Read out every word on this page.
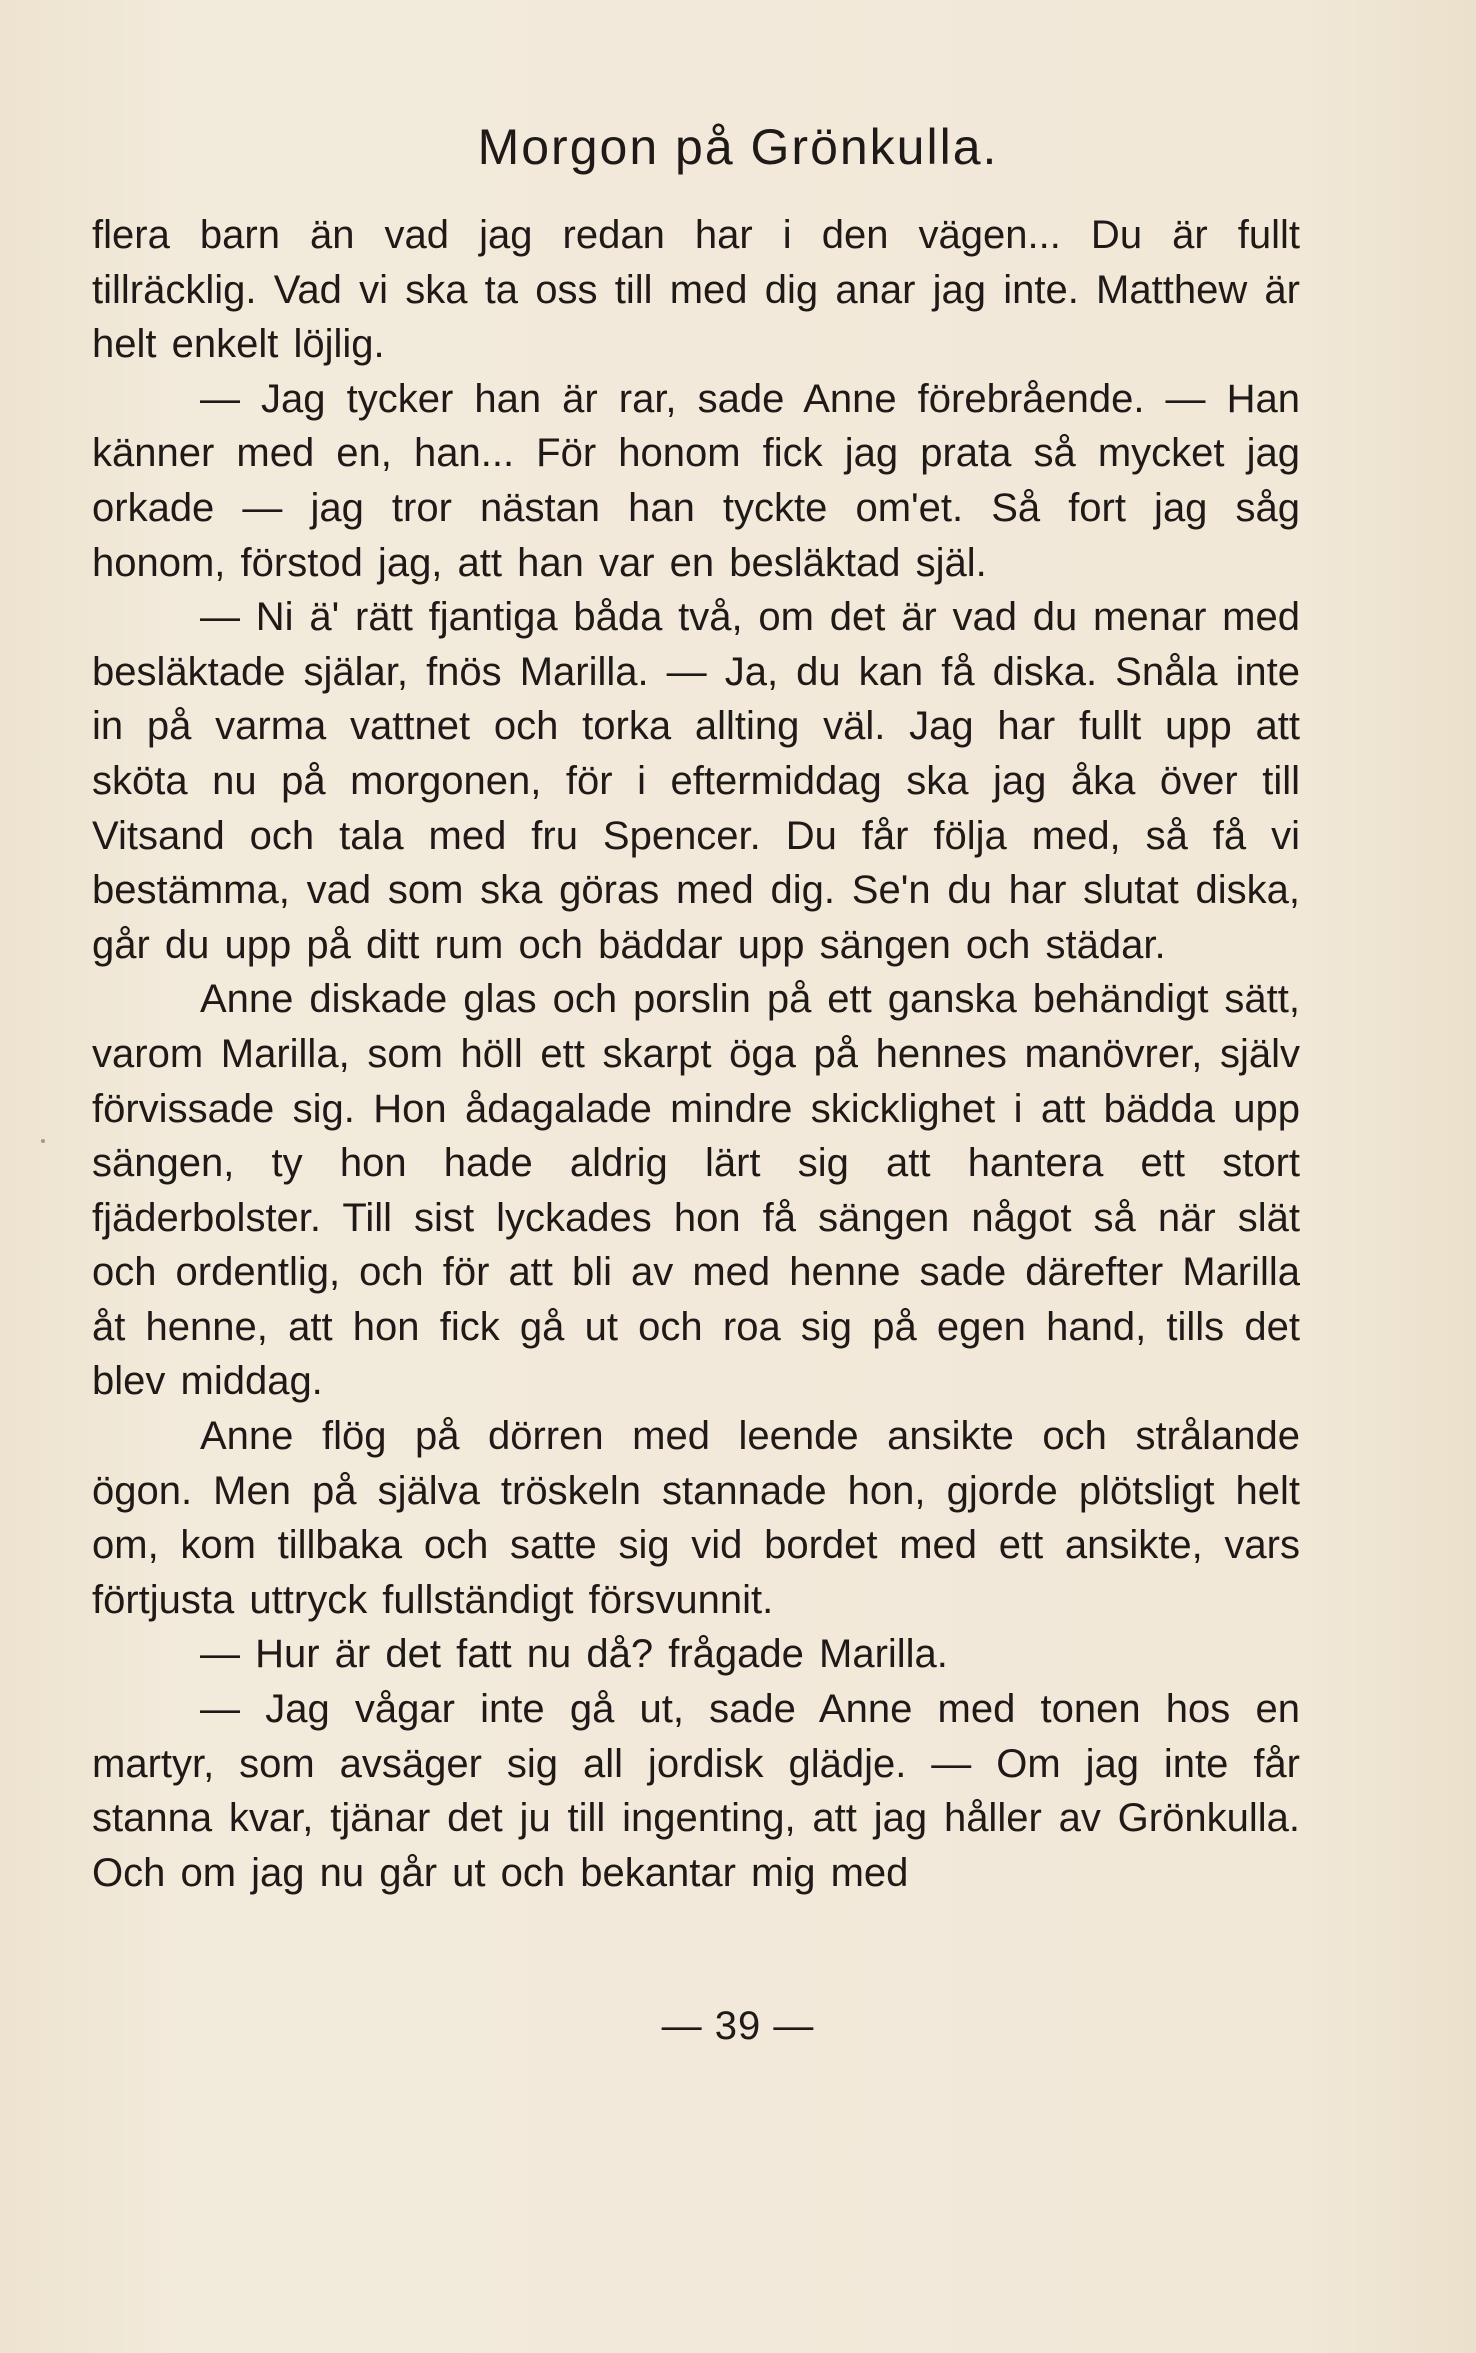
Morgon på Grönkulla.

flera barn än vad jag redan har i den vägen... Du är fullt tillräcklig. Vad vi ska ta oss till med dig anar jag inte. Matthew är helt enkelt löjlig.

— Jag tycker han är rar, sade Anne förebrående. — Han känner med en, han... För honom fick jag prata så mycket jag orkade — jag tror nästan han tyckte om'et. Så fort jag såg honom, förstod jag, att han var en besläktad själ.

— Ni ä' rätt fjantiga båda två, om det är vad du menar med besläktade själar, fnös Marilla. — Ja, du kan få diska. Snåla inte in på varma vattnet och torka allting väl. Jag har fullt upp att sköta nu på morgonen, för i eftermiddag ska jag åka över till Vitsand och tala med fru Spencer. Du får följa med, så få vi bestämma, vad som ska göras med dig. Se'n du har slutat diska, går du upp på ditt rum och bäddar upp sängen och städar.

Anne diskade glas och porslin på ett ganska behändigt sätt, varom Marilla, som höll ett skarpt öga på hennes manövrer, själv förvissade sig. Hon ådagalade mindre skicklighet i att bädda upp sängen, ty hon hade aldrig lärt sig att hantera ett stort fjäderbolster. Till sist lyckades hon få sängen något så när slät och ordentlig, och för att bli av med henne sade därefter Marilla åt henne, att hon fick gå ut och roa sig på egen hand, tills det blev middag.

Anne flög på dörren med leende ansikte och strålande ögon. Men på själva tröskeln stannade hon, gjorde plötsligt helt om, kom tillbaka och satte sig vid bordet med ett ansikte, vars förtjusta uttryck fullständigt försvunnit.

— Hur är det fatt nu då? frågade Marilla.

— Jag vågar inte gå ut, sade Anne med tonen hos en martyr, som avsäger sig all jordisk glädje. — Om jag inte får stanna kvar, tjänar det ju till ingenting, att jag håller av Grönkulla. Och om jag nu går ut och bekantar mig med

— 39 —
